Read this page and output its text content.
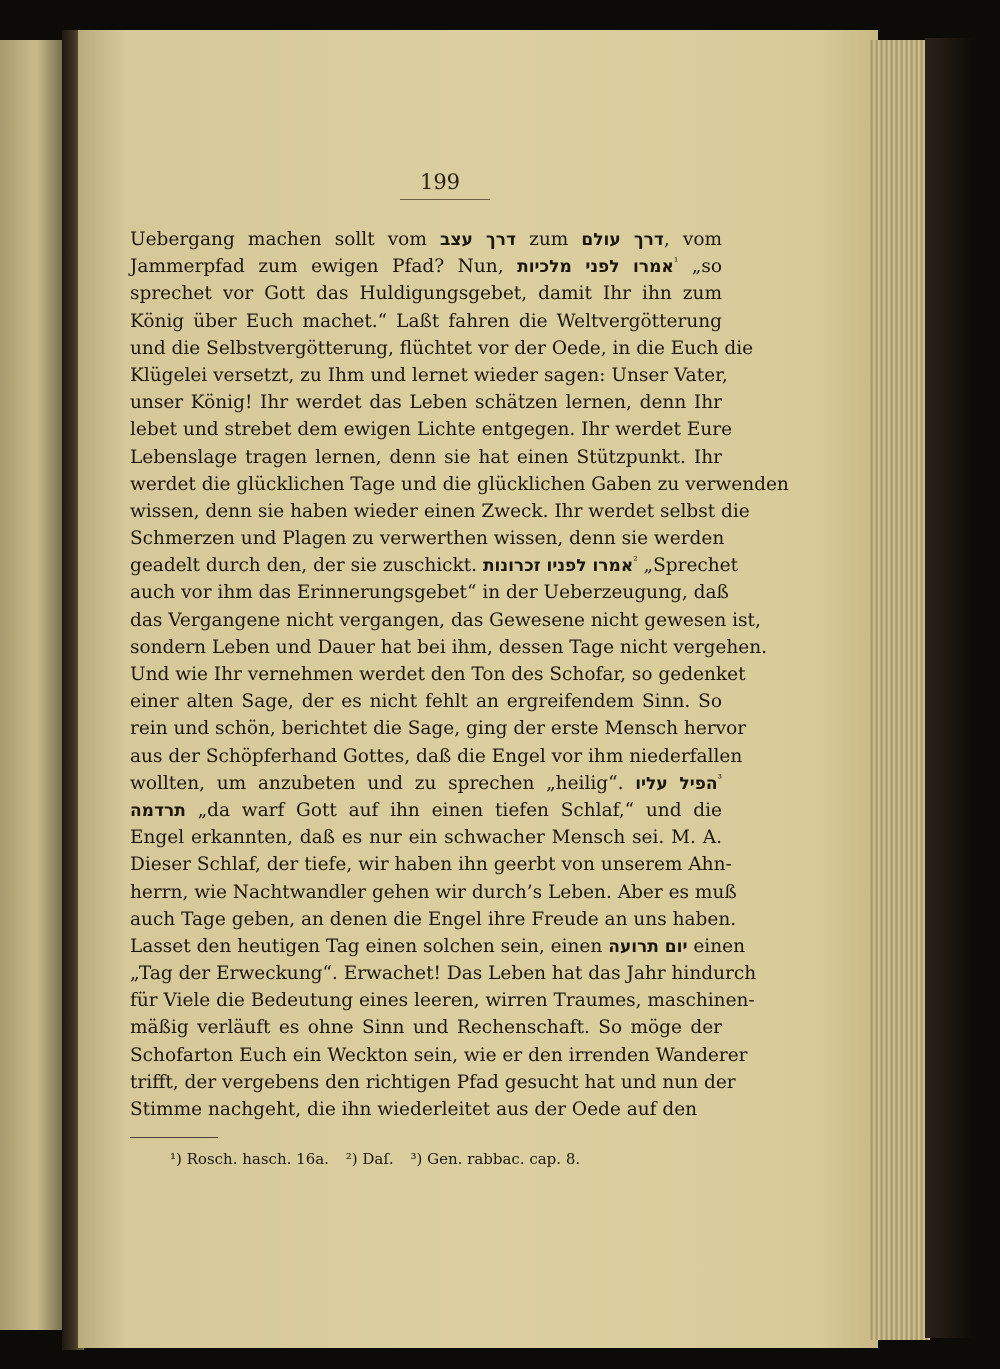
199
Uebergang machen sollt vom דרך עצב zum דרך עולם, vom
Jammerpfad zum ewigen Pfad? Nun, אמרו לפני מלכיות$^{^1}$ „so
sprechet vor Gott das Huldigungsgebet, damit Ihr ihn zum
König über Euch machet.“ Laßt fahren die Weltvergötterung
und die Selbstvergötterung, flüchtet vor der Oede, in die Euch die
Klügelei versetzt, zu Ihm und lernet wieder sagen: Unser Vater,
unser König! Ihr werdet das Leben schätzen lernen, denn Ihr
lebet und strebet dem ewigen Lichte entgegen. Ihr werdet Eure
Lebenslage tragen lernen, denn sie hat einen Stützpunkt. Ihr
werdet die glücklichen Tage und die glücklichen Gaben zu verwenden
wissen, denn sie haben wieder einen Zweck. Ihr werdet selbst die
Schmerzen und Plagen zu verwerthen wissen, denn sie werden
geadelt durch den, der sie zuschickt. אמרו לפניו זכרונות$^{^2}$ „Sprechet
auch vor ihm das Erinnerungsgebet“ in der Ueberzeugung, daß
das Vergangene nicht vergangen, das Gewesene nicht gewesen ist,
sondern Leben und Dauer hat bei ihm, dessen Tage nicht vergehen.
Und wie Ihr vernehmen werdet den Ton des Schofar, so gedenket
einer alten Sage, der es nicht fehlt an ergreifendem Sinn. So
rein und schön, berichtet die Sage, ging der erste Mensch hervor
aus der Schöpferhand Gottes, daß die Engel vor ihm niederfallen
wollten, um anzubeten und zu sprechen „heilig“. הפיל עליו$^{^3}$
תרדמה „da warf Gott auf ihn einen tiefen Schlaf,“ und die
Engel erkannten, daß es nur ein schwacher Mensch sei. M. A.
Dieser Schlaf, der tiefe, wir haben ihn geerbt von unserem Ahn-
herrn, wie Nachtwandler gehen wir durch’s Leben. Aber es muß
auch Tage geben, an denen die Engel ihre Freude an uns haben.
Lasset den heutigen Tag einen solchen sein, einen יום תרועה einen
„Tag der Erweckung“. Erwachet! Das Leben hat das Jahr hindurch
für Viele die Bedeutung eines leeren, wirren Traumes, maschinen-
mäßig verläuft es ohne Sinn und Rechenschaft. So möge der
Schofarton Euch ein Weckton sein, wie er den irrenden Wanderer
trifft, der vergebens den richtigen Pfad gesucht hat und nun der
Stimme nachgeht, die ihn wiederleitet aus der Oede auf den
¹) Rosch. hasch. 16a. ²) Daſ. ³) Gen. rabbac. cap. 8.
